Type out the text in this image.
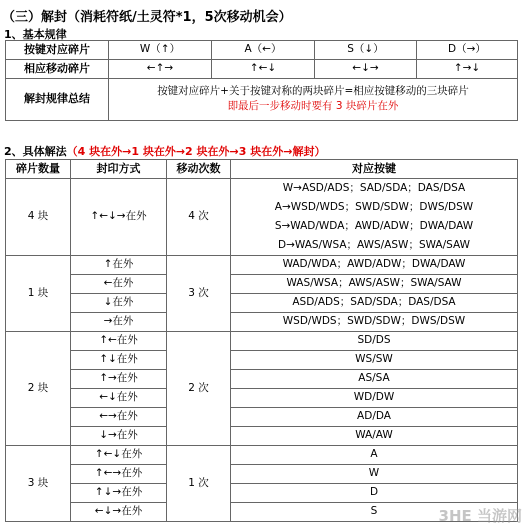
（三）解封（消耗符纸/土灵符*1，5次移动机会）
1、基本规律
按键对应碎片	W（↑）	A（←）	S（↓）	D（→）
相应移动碎片	←↑→	↑←↓	←↓→	↑→↓
解封规律总结	按键对应碎片+关于按键对称的两块碎片=相应按键移动的三块碎片
即最后一步移动时要有 3 块碎片在外			
2、具体解法（4 块在外→1 块在外→2 块在外→3 块在外→解封）
碎片数量	封印方式	移动次数	对应按键
4 块	↑←↓→在外	4 次	W→ASD/ADS；SAD/SDA；DAS/DSA
A→WSD/WDS；SWD/SDW；DWS/DSW
S→WAD/WDA；AWD/ADW；DWA/DAW
D→WAS/WSA；AWS/ASW；SWA/SAW

1 块	↑在外	3 次	WAD/WDA；AWD/ADW；DWA/DAW
	←在外		WAS/WSA；AWS/ASW；SWA/SAW
	↓在外		ASD/ADS；SAD/SDA；DAS/DSA
	→在外		WSD/WDS；SWD/SDW；DWS/DSW
2 块	↑←在外	2 次	SD/DS
	↑↓在外		WS/SW
	↑→在外		AS/SA
	←↓在外		WD/DW
	←→在外		AD/DA
	↓→在外		WA/AW
3 块	↑←↓在外	1 次	A
	↑←→在外		W
	↑↓→在外		D
	←↓→在外		S	3HE 当游网
